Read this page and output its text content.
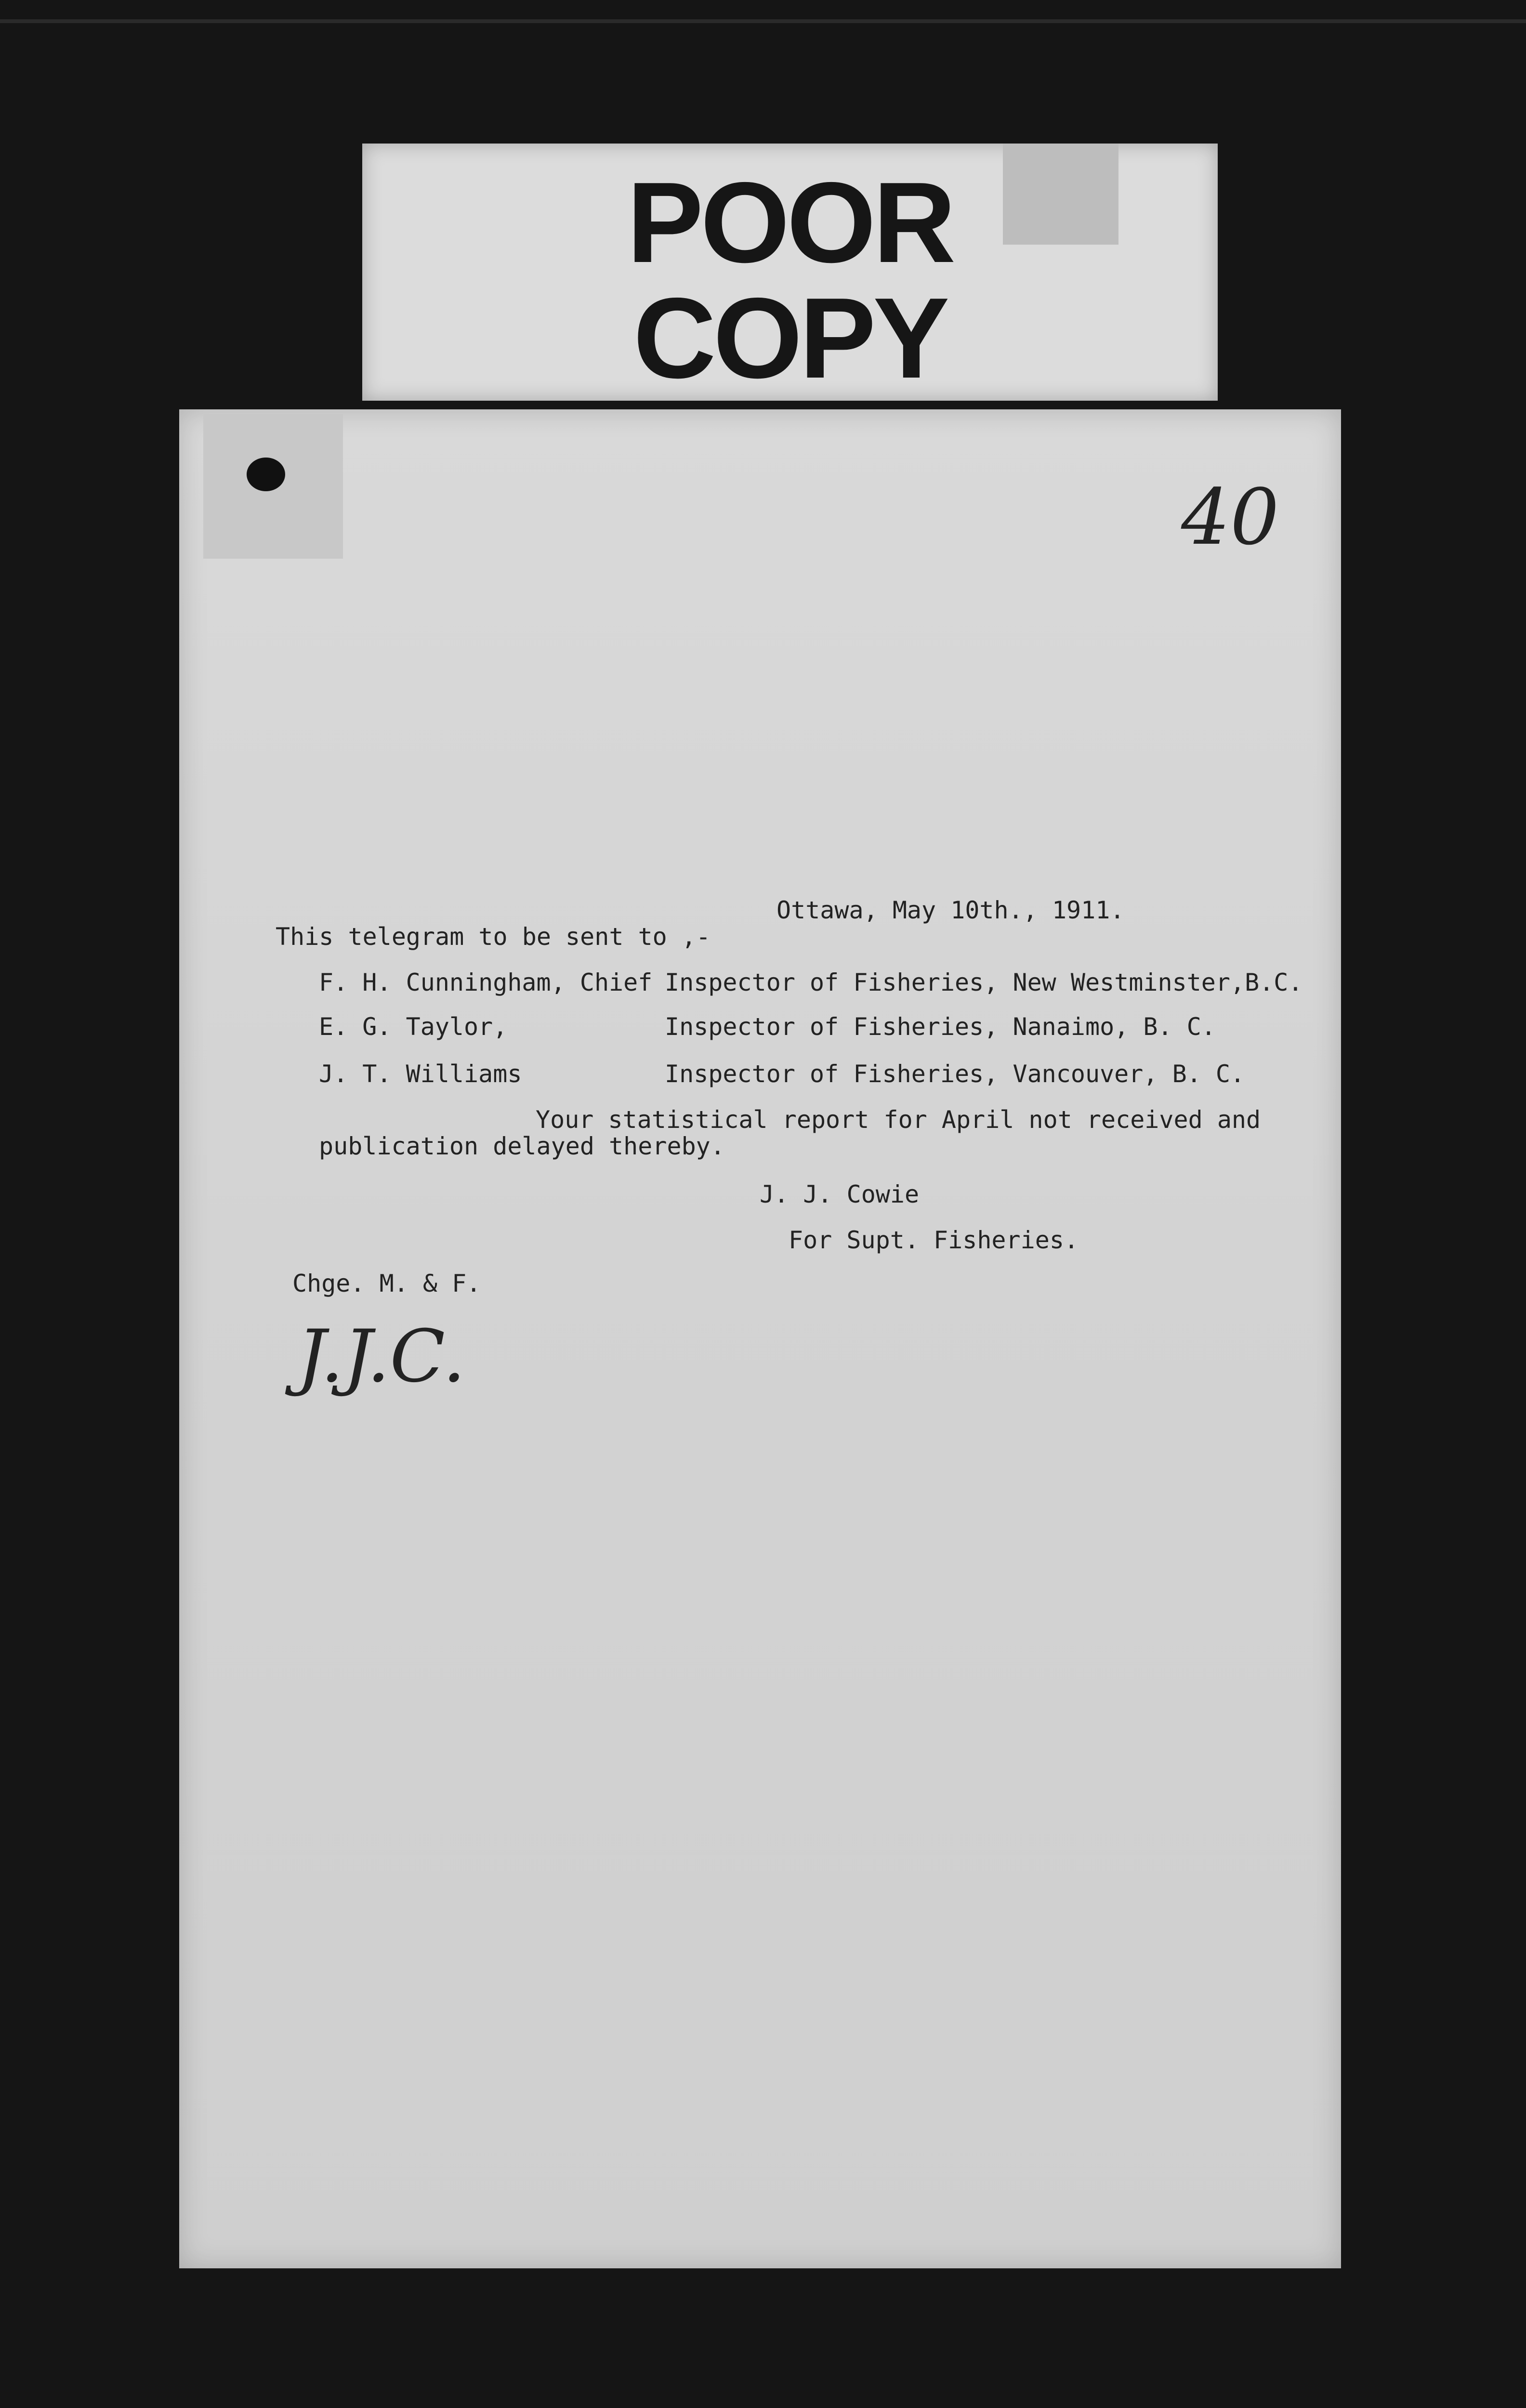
POOR
COPY
40
Ottawa, May 10th., 1911.
This telegram to be sent to ,-
F. H. Cunningham, Chief Inspector of Fisheries, New Westminster,B.C.
E. G. Taylor,	Inspector of Fisheries, Nanaimo, B. C.
J. T. Williams	Inspector of Fisheries, Vancouver, B. C.
Your statistical report for April not received and
publication delayed thereby.
J. J. Cowie
For Supt. Fisheries.
Chge. M. & F.
J.J.C.
